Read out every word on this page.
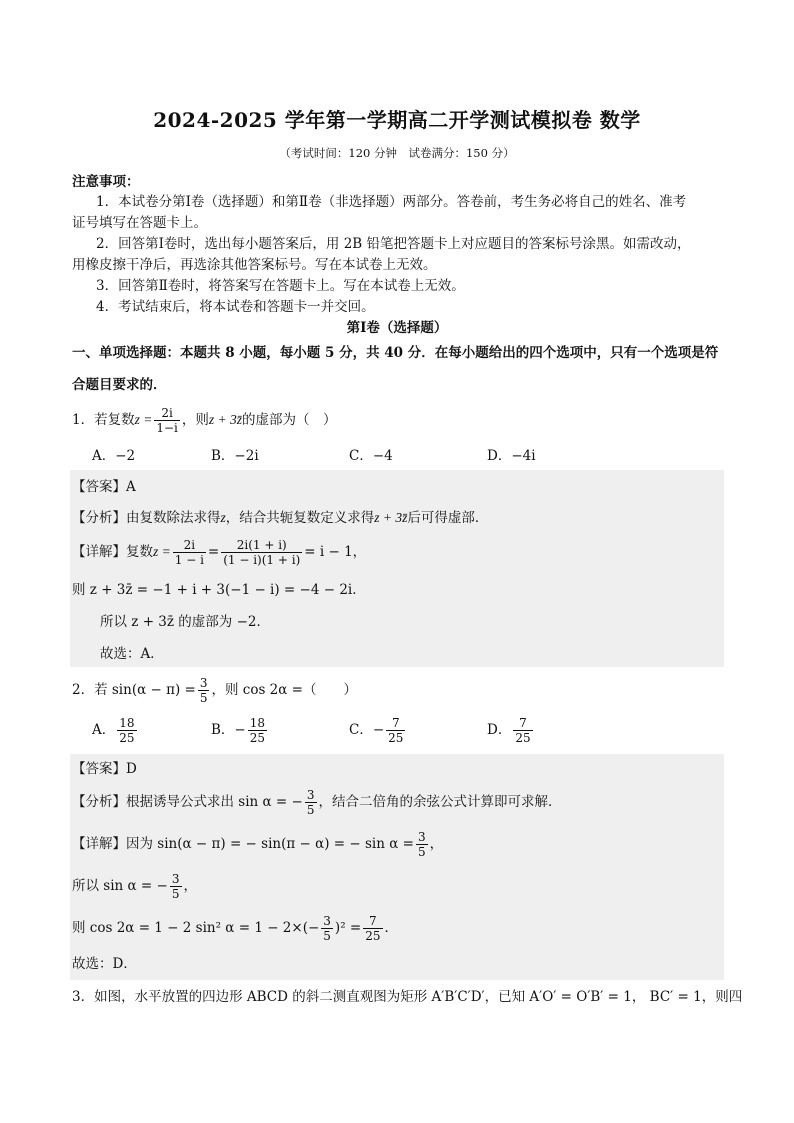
2024-2025 学年第一学期高二开学测试模拟卷 数学
（考试时间：120 分钟　试卷满分：150 分）
注意事项：
1．本试卷分第Ⅰ卷（选择题）和第Ⅱ卷（非选择题）两部分。答卷前，考生务必将自己的姓名、准考
证号填写在答题卡上。
2．回答第Ⅰ卷时，选出每小题答案后，用 2B 铅笔把答题卡上对应题目的答案标号涂黑。如需改动，
用橡皮擦干净后，再选涂其他答案标号。写在本试卷上无效。
3．回答第Ⅱ卷时，将答案写在答题卡上。写在本试卷上无效。
4．考试结束后，将本试卷和答题卡一并交回。
第Ⅰ卷（选择题）
一、单项选择题：本题共 8 小题，每小题 5 分，共 40 分．在每小题给出的四个选项中，只有一个选项是符
合题目要求的．
1．若复数$z = \frac{2i}{1-i}$ ，则z + 3z̄的虚部为（　）
A．−2	B．−2i	C．−4	D．−4i
【答案】A
【分析】由复数除法求得z，结合共轭复数定义求得z + 3z̄后可得虚部．
【详解】复数$z = \frac{2i}{1 - i} = \frac{2i(1 + i)}{(1 - i)(1 + i)} = i - 1$，
则 z + 3z̄ = −1 + i + 3(−1 − i) = −4 − 2i．
所以 z + 3z̄ 的虚部为 −2．
故选：A．
2．若 $\sin(\alpha - \pi) = \frac{3}{5}$ ，则 cos 2α =（　　）
A． $\frac{18}{25}$	B．− $\frac{18}{25}$	C．− $\frac{7}{25}$	D． $\frac{7}{25}$
【答案】D
【分析】根据诱导公式求出 sin α = − $\frac{3}{5}$ ，结合二倍角的余弦公式计算即可求解．
【详解】因为 sin(α − π) = − sin(π − α) = − $\sin \alpha = \frac{3}{5}$ ，
所以 sin α = − $\frac{3}{5}$ ，
则 cos 2α = 1 − 2 sin² $\alpha = 1 - 2\times(- \frac{3}{5} )^2 = \frac{7}{25}$ ．
故选：D．
3．如图，水平放置的四边形 ABCD 的斜二测直观图为矩形 A′B′C′D′，已知 A′O′ = O′B′ = 1， BC′ = 1，则四
